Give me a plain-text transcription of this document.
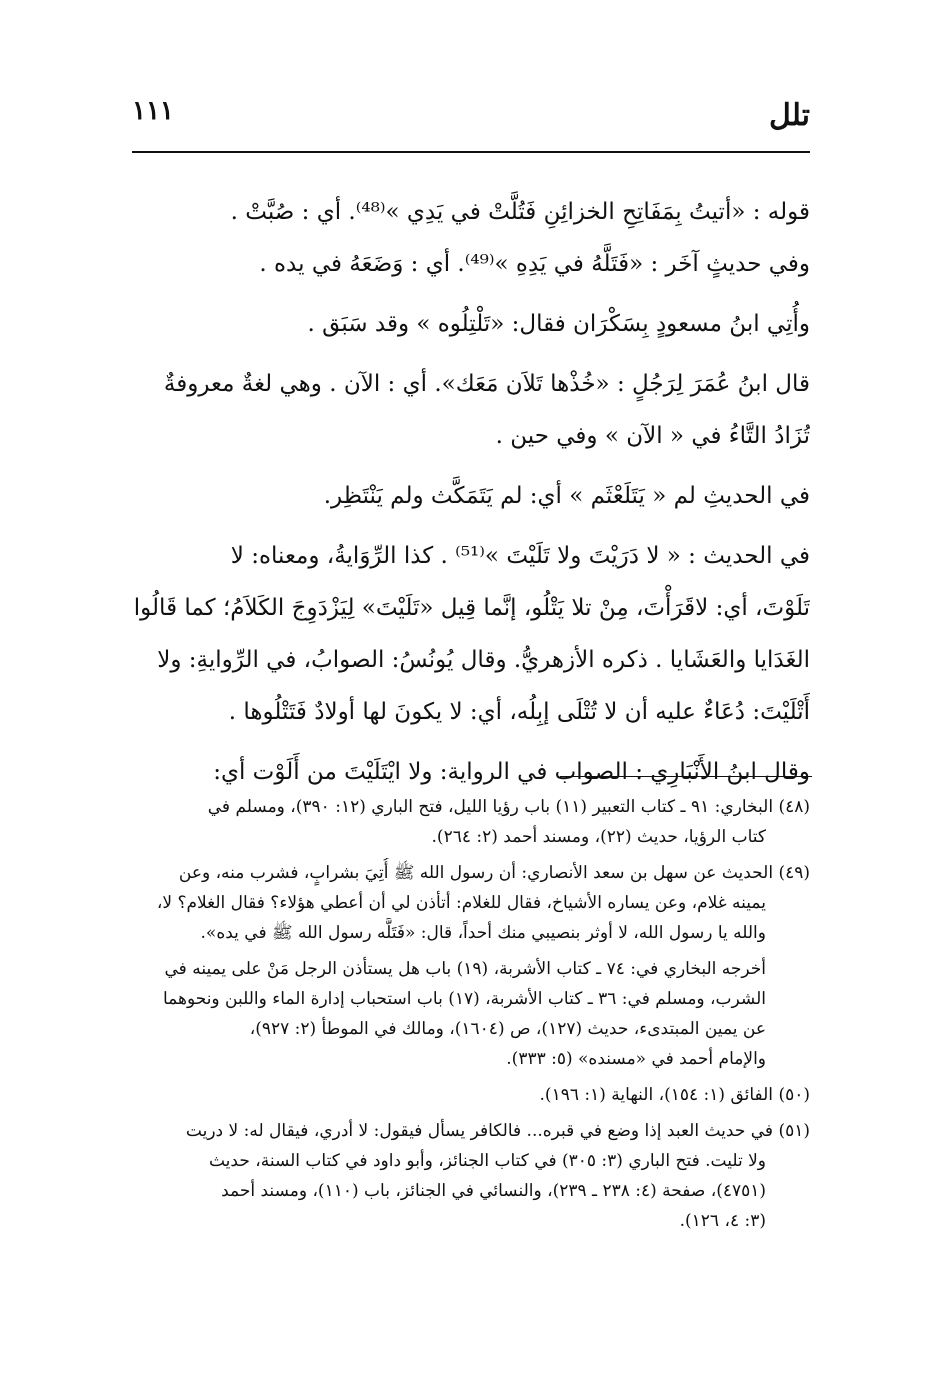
تلل
١١١
قوله : «أتيتُ بِمَفَاتِحِ الخزائِنِ فَتُلَّتْ في يَدِي »⁽⁴⁸⁾. أي : صُبَّتْ .
وفي حديثٍ آخَر : «فَتَلَّهُ في يَدِهِ »⁽⁴⁹⁾. أي : وَضَعَهُ في يده .
وأُتِي ابنُ مسعودٍ بِسَكْرَان فقال: «تَلْتِلُوه » وقد سَبَق .
قال ابنُ عُمَرَ لِرَجُلٍ : «خُذْها تَلاَن مَعَك». أي : الآن . وهي لغةٌ معروفةٌ
تُزَادُ التَّاءُ في « الآن » وفي حين .
في الحديثِ لم « يَتَلَعْثَم » أي: لم يَتَمَكَّث ولم يَنْتَظِر.
في الحديث : « لا دَرَيْتَ ولا تَلَيْتَ »⁽⁵¹⁾ . كذا الرِّوَايةُ، ومعناه: لا
تَلَوْتَ، أي: لاقَرَأْتَ، مِنْ تلا يَتْلُو، إنَّما قِيل «تَلَيْتَ» لِيَزْدَوِجَ الكَلاَمُ؛ كما قَالُوا
الغَدَايا والعَشَايا . ذكره الأزهريُّ. وقال يُونُسُ: الصوابُ، في الرِّوايةِ: ولا
أَتْلَيْتَ: دُعَاءٌ عليه أن لا تُتْلَى إبِلُه، أي: لا يكونَ لها أولادٌ فَتَتْلُوها .
وقال ابنُ الأَنْبَارِي : الصواب في الرواية: ولا ايْتَلَيْتَ من أَلَوْت أي:
(٤٨) البخاري: ٩١ ـ كتاب التعبير (١١) باب رؤيا الليل، فتح الباري (١٢: ٣٩٠)، ومسلم في
كتاب الرؤيا، حديث (٢٢)، ومسند أحمد (٢: ٢٦٤).
(٤٩) الحديث عن سهل بن سعد الأنصاري: أن رسول الله ﷺ أُتِيَ بشرابٍ، فشرب منه، وعن
يمينه غلام، وعن يساره الأشياخ، فقال للغلام: أتأذن لي أن أعطي هؤلاء؟ فقال الغلام؟ لا،
والله يا رسول الله، لا أوثر بنصيبي منك أحداً، قال: «فَتَلَّه رسول الله ﷺ في يده».
أخرجه البخاري في: ٧٤ ـ كتاب الأشربة، (١٩) باب هل يستأذن الرجل مَنْ على يمينه في
الشرب، ومسلم في: ٣٦ ـ كتاب الأشربة، (١٧) باب استحباب إدارة الماء واللبن ونحوهما
عن يمين المبتدىء، حديث (١٢٧)، ص (١٦٠٤)، ومالك في الموطأ (٢: ٩٢٧)،
والإمام أحمد في «مسنده» (٥: ٣٣٣).
(٥٠) الفائق (١: ١٥٤)، النهاية (١: ١٩٦).
(٥١) في حديث العبد إذا وضع في قبره... فالكافر يسأل فيقول: لا أدري، فيقال له: لا دريت
ولا تليت. فتح الباري (٣: ٣٠٥) في كتاب الجنائز، وأبو داود في كتاب السنة، حديث
(٤٧٥١)، صفحة (٤: ٢٣٨ ـ ٢٣٩)، والنسائي في الجنائز، باب (١١٠)، ومسند أحمد
(٣: ٤، ١٢٦).
